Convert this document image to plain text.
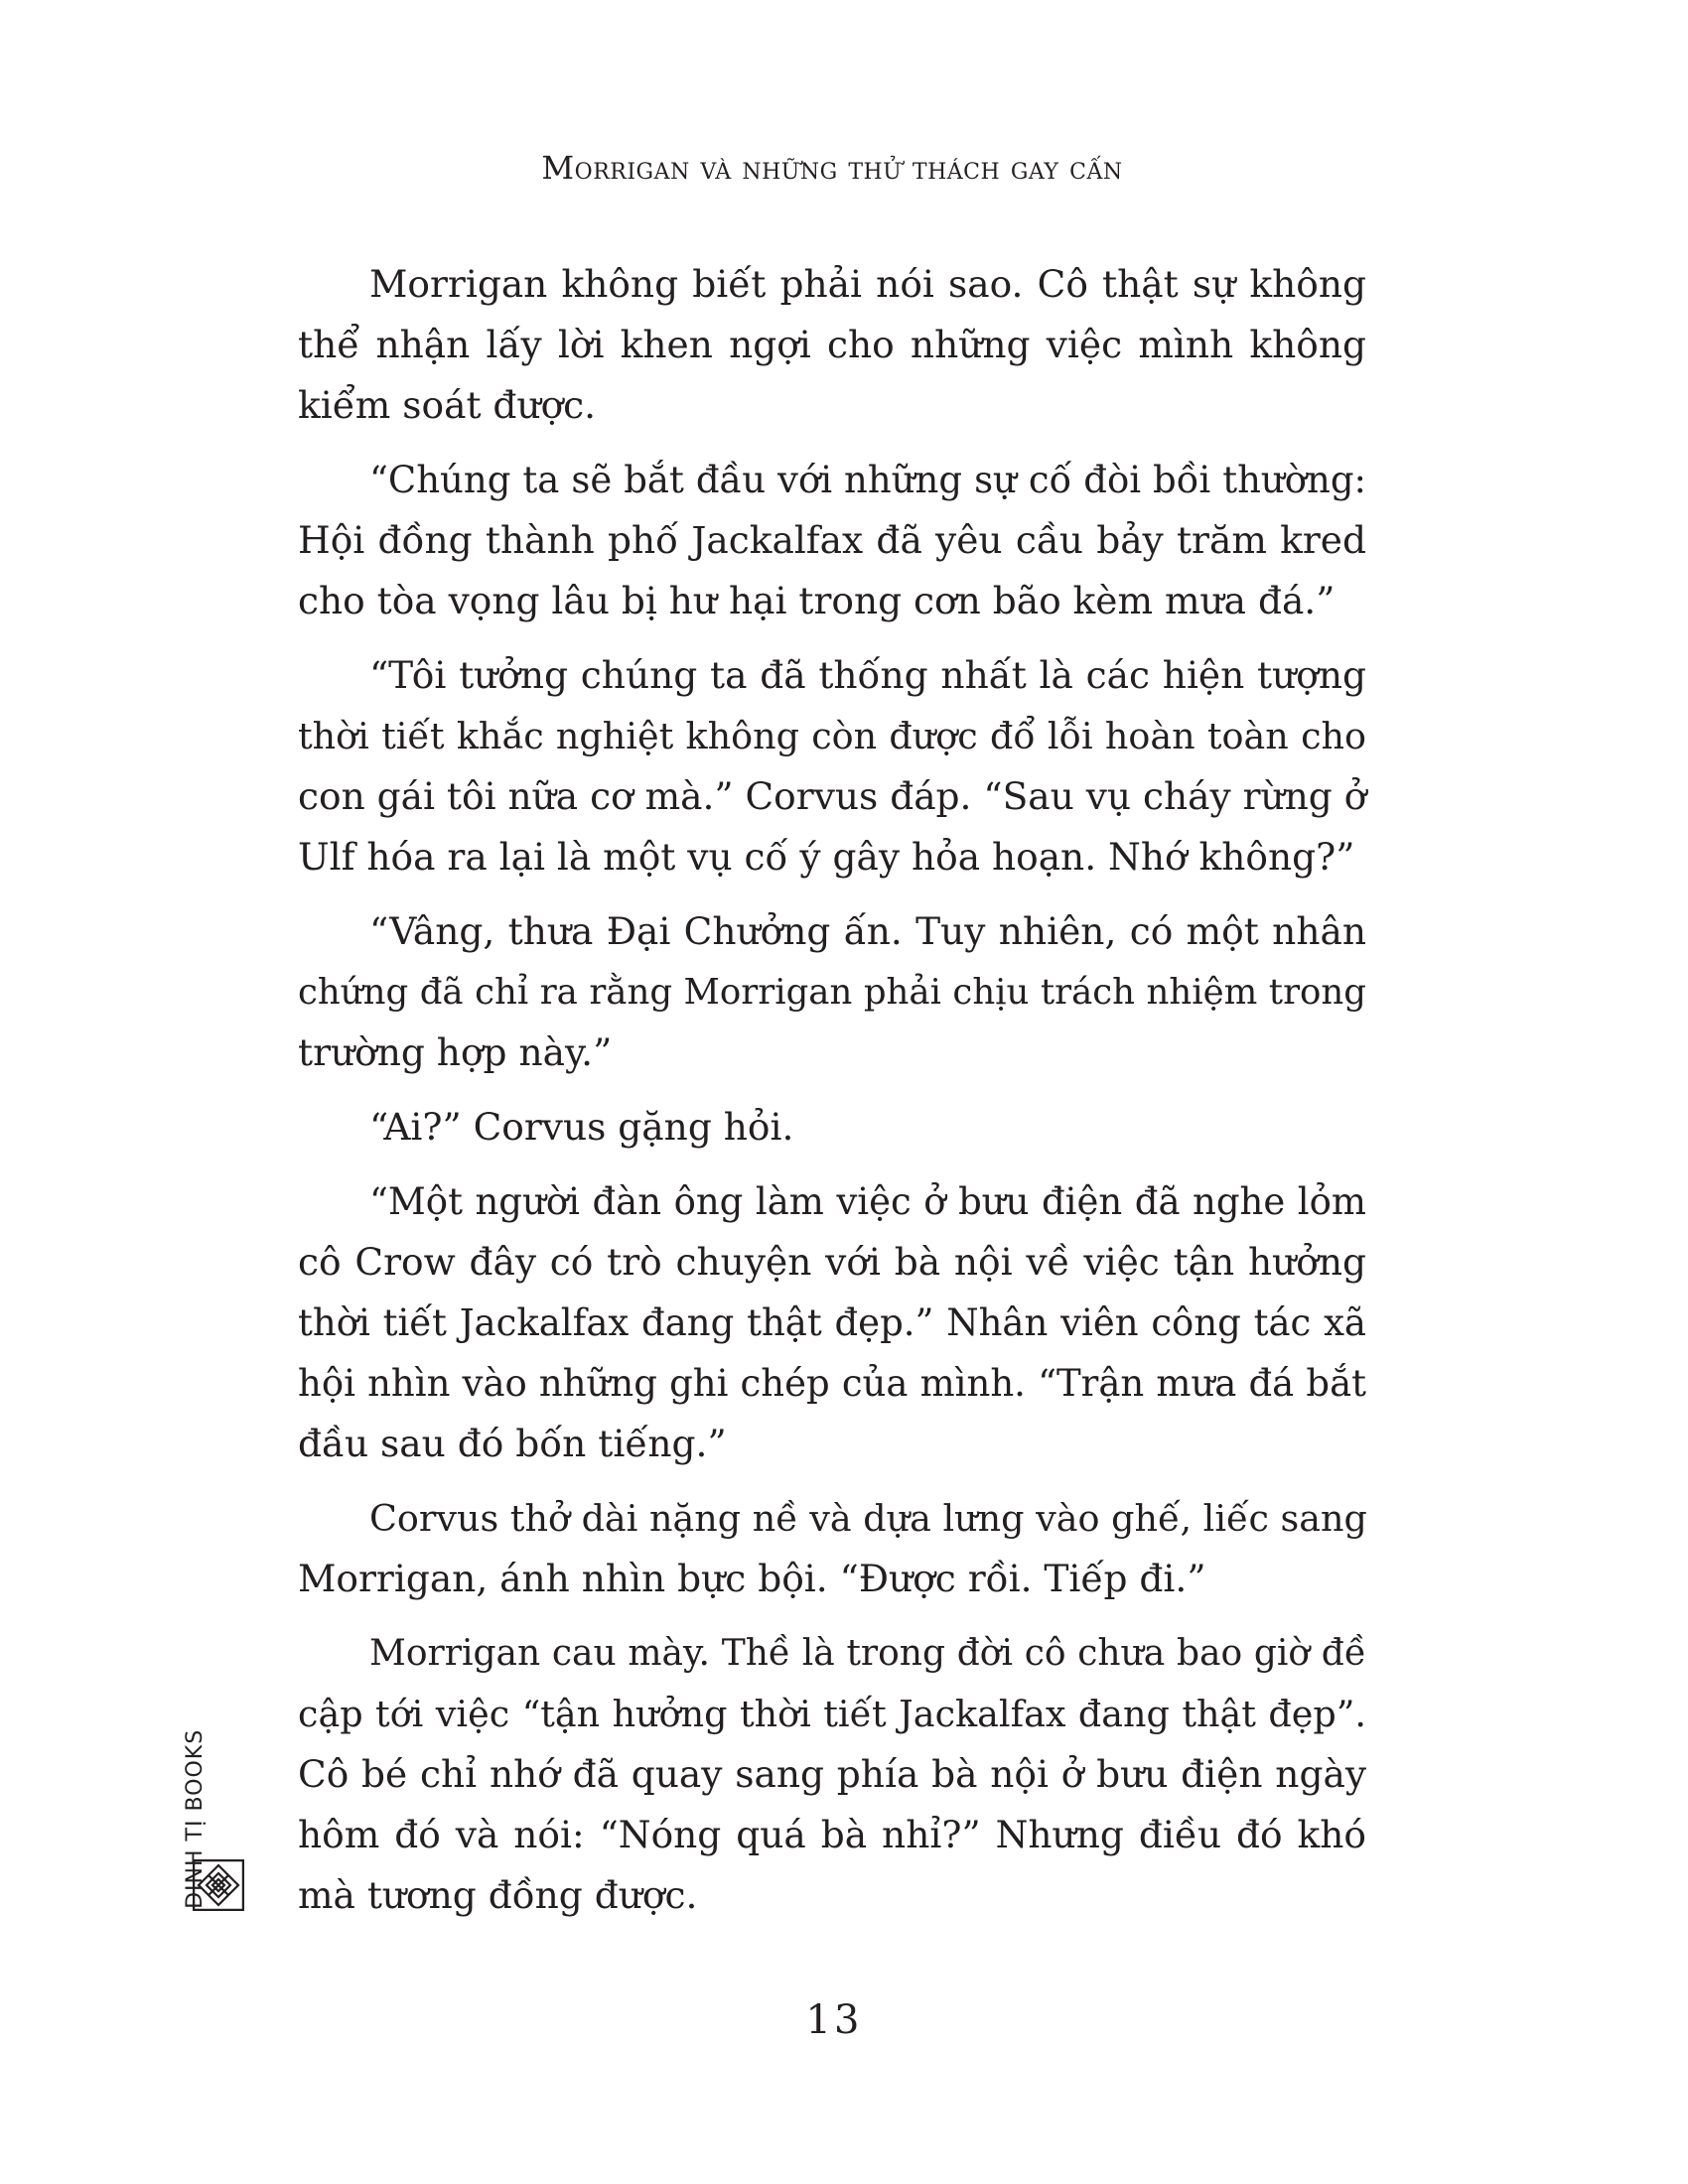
Morrigan và những thử thách gay cấn
Morrigan không biết phải nói sao. Cô thật sự không
thể nhận lấy lời khen ngợi cho những việc mình không
kiểm soát được.
“Chúng ta sẽ bắt đầu với những sự cố đòi bồi thường:
Hội đồng thành phố Jackalfax đã yêu cầu bảy trăm kred
cho tòa vọng lâu bị hư hại trong cơn bão kèm mưa đá.”
“Tôi tưởng chúng ta đã thống nhất là các hiện tượng
thời tiết khắc nghiệt không còn được đổ lỗi hoàn toàn cho
con gái tôi nữa cơ mà.” Corvus đáp. “Sau vụ cháy rừng ở
Ulf hóa ra lại là một vụ cố ý gây hỏa hoạn. Nhớ không?”
“Vâng, thưa Đại Chưởng ấn. Tuy nhiên, có một nhân
chứng đã chỉ ra rằng Morrigan phải chịu trách nhiệm trong
trường hợp này.”
“Ai?” Corvus gặng hỏi.
“Một người đàn ông làm việc ở bưu điện đã nghe lỏm
cô Crow đây có trò chuyện với bà nội về việc tận hưởng
thời tiết Jackalfax đang thật đẹp.” Nhân viên công tác xã
hội nhìn vào những ghi chép của mình. “Trận mưa đá bắt
đầu sau đó bốn tiếng.”
Corvus thở dài nặng nề và dựa lưng vào ghế, liếc sang
Morrigan, ánh nhìn bực bội. “Được rồi. Tiếp đi.”
Morrigan cau mày. Thề là trong đời cô chưa bao giờ đề
cập tới việc “tận hưởng thời tiết Jackalfax đang thật đẹp”.
Cô bé chỉ nhớ đã quay sang phía bà nội ở bưu điện ngày
hôm đó và nói: “Nóng quá bà nhỉ?” Nhưng điều đó khó
mà tương đồng được.
13
ĐINH TỊ BOOKS
